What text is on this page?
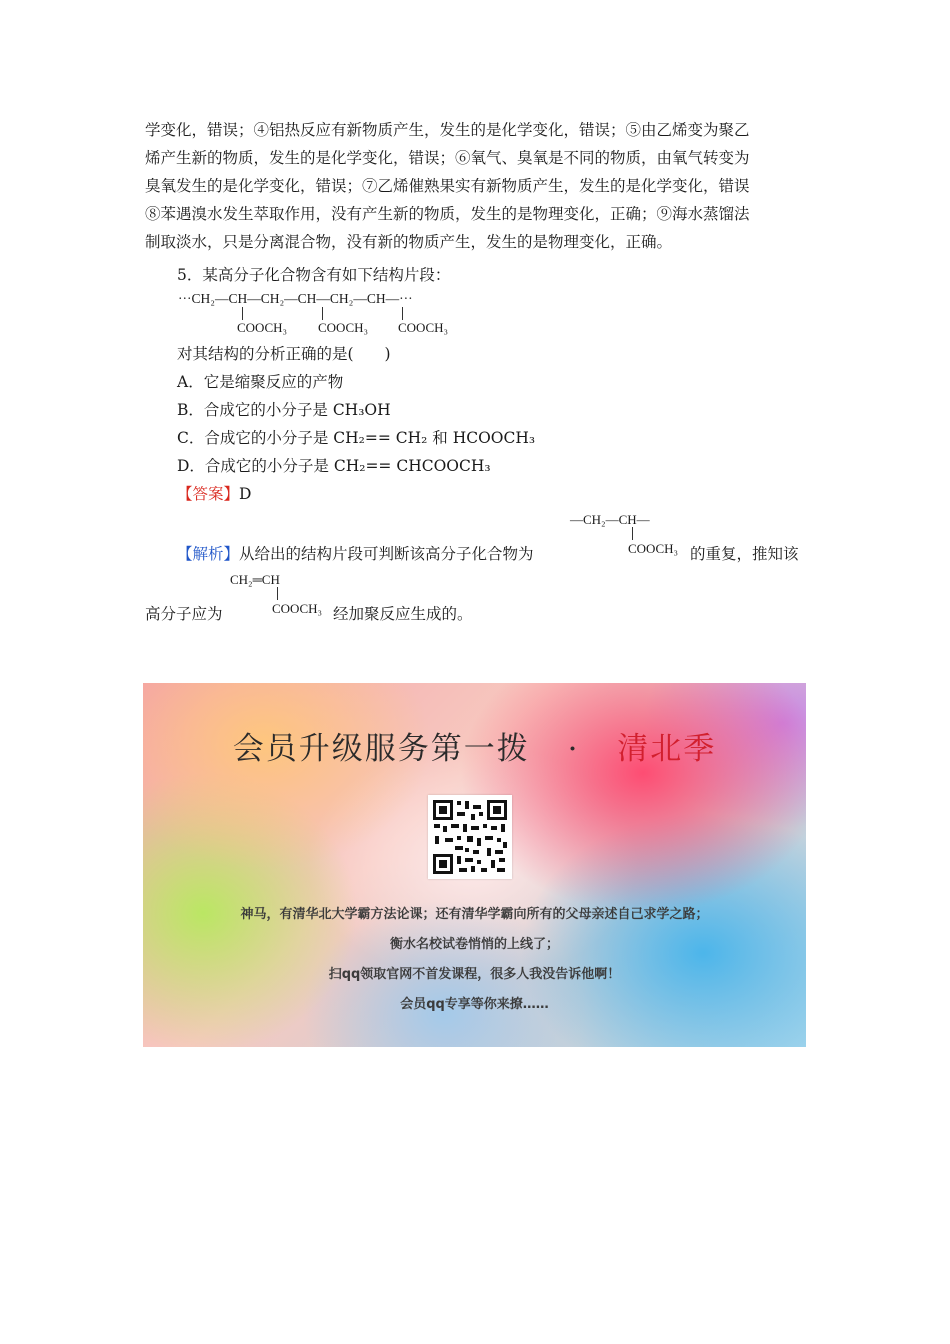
学变化，错误；④铝热反应有新物质产生，发生的是化学变化，错误；⑤由乙烯变为聚乙

烯产生新的物质，发生的是化学变化，错误；⑥氧气、臭氧是不同的物质，由氧气转变为

臭氧发生的是化学变化，错误；⑦乙烯催熟果实有新物质产生，发生的是化学变化，错误

⑧苯遇溴水发生萃取作用，没有产生新的物质，发生的是物理变化，正确；⑨海水蒸馏法

制取淡水，只是分离混合物，没有新的物质产生，发生的是物理变化，正确。

5．某高分子化合物含有如下结构片段：
···CH₂—CH—CH₂—CH—CH₂—CH—···
COOCH₃ COOCH₃ COOCH₃
对其结构的分析正确的是(　　)
A．它是缩聚反应的产物
B．合成它的小分子是 CH₃OH
C．合成它的小分子是 CH₂== CH₂ 和 HCOOCH₃
D．合成它的小分子是 CH₂== CHCOOCH₃
【答案】D
—CH₂—CH—
COOCH₃
【解析】从给出的结构片段可判断该高分子化合物为	的重复，推知该
CH₂═CH
COOCH₃
高分子应为	经加聚反应生成的。
会员升级服务第一拨 · 清北季
神马，有清华北大学霸方法论课；还有清华学霸向所有的父母亲述自己求学之路；
衡水名校试卷悄悄的上线了；
扫qq领取官网不首发课程，很多人我没告诉他啊！
会员qq专享等你来撩……
